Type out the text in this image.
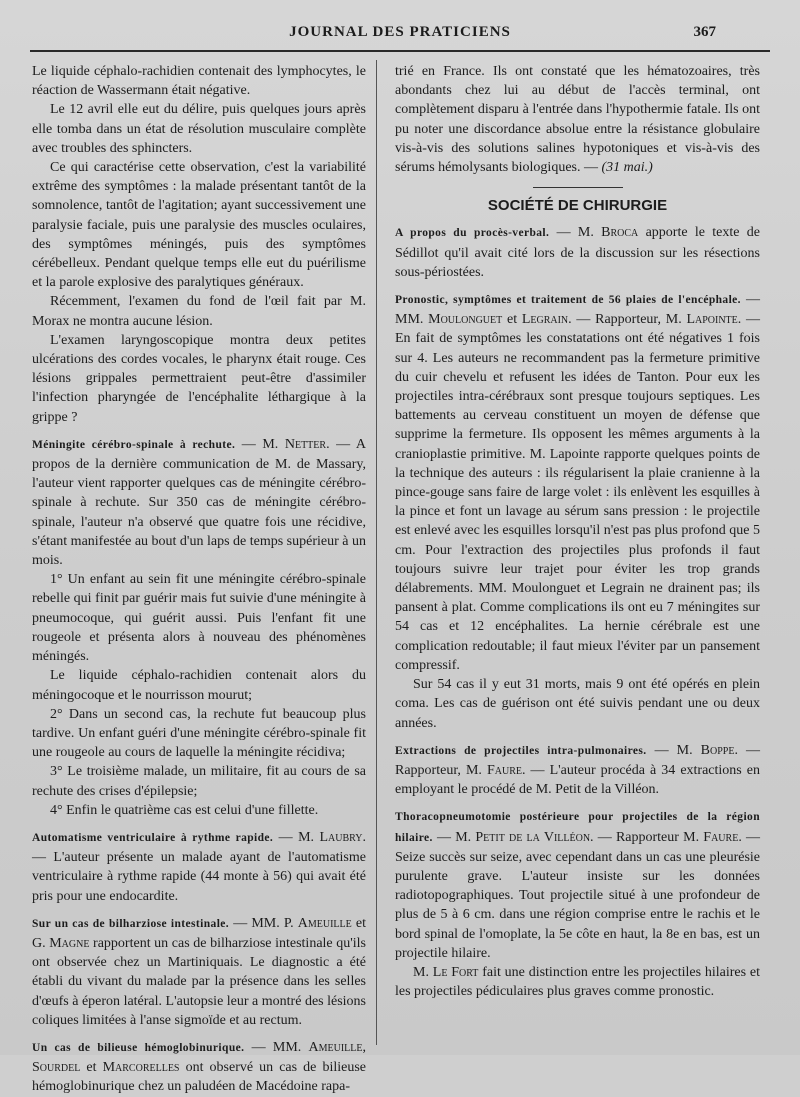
JOURNAL DES PRATICIENS	367

Le liquide céphalo-rachidien contenait des lymphocytes, le réaction de Wassermann était négative.

Le 12 avril elle eut du délire, puis quelques jours après elle tomba dans un état de résolution musculaire complète avec troubles des sphincters.

Ce qui caractérise cette observation, c'est la variabilité extrême des symptômes : la malade présentant tantôt de la somnolence, tantôt de l'agitation; ayant successivement une paralysie faciale, puis une paralysie des muscles oculaires, des symptômes méningés, puis des symptômes cérébelleux. Pendant quelque temps elle eut du puérilisme et la parole explosive des paralytiques généraux.

Récemment, l'examen du fond de l'œil fait par M. Morax ne montra aucune lésion.

L'examen laryngoscopique montra deux petites ulcérations des cordes vocales, le pharynx était rouge. Ces lésions grippales permettraient peut-être d'assimiler l'infection pharyngée de l'encéphalite léthargique à la grippe ?

Méningite cérébro-spinale à rechute. — M. Netter. — A propos de la dernière communication de M. de Massary, l'auteur vient rapporter quelques cas de méningite cérébro-spinale à rechute. Sur 350 cas de méningite cérébro-spinale, l'auteur n'a observé que quatre fois une récidive, s'étant manifestée au bout d'un laps de temps supérieur à un mois.

1° Un enfant au sein fit une méningite cérébro-spinale rebelle qui finit par guérir mais fut suivie d'une méningite à pneumocoque, qui guérit aussi. Puis l'enfant fit une rougeole et présenta alors à nouveau des phénomènes méningés.

Le liquide céphalo-rachidien contenait alors du méningocoque et le nourrisson mourut;

2° Dans un second cas, la rechute fut beaucoup plus tardive. Un enfant guéri d'une méningite cérébro-spinale fit une rougeole au cours de laquelle la méningite récidiva;

3° Le troisième malade, un militaire, fit au cours de sa rechute des crises d'épilepsie;

4° Enfin le quatrième cas est celui d'une fillette.

Automatisme ventriculaire à rythme rapide. — M. Laubry. — L'auteur présente un malade ayant de l'automatisme ventriculaire à rythme rapide (44 monte à 56) qui avait été pris pour une endocardite.

Sur un cas de bilharziose intestinale. — MM. P. Ameuille et G. Magne rapportent un cas de bilharziose intestinale qu'ils ont observée chez un Martiniquais. Le diagnostic a été établi du vivant du malade par la présence dans les selles d'œufs à éperon latéral. L'autopsie leur a montré des lésions coliques limitées à l'anse sigmoïde et au rectum.

Un cas de bilieuse hémoglobinurique. — MM. Ameuille, Sourdel et Marcorelles ont observé un cas de bilieuse hémoglobinurique chez un paludéen de Macédoine rapa-

trié en France. Ils ont constaté que les hématozoaires, très abondants chez lui au début de l'accès terminal, ont complètement disparu à l'entrée dans l'hypothermie fatale. Ils ont pu noter une discordance absolue entre la résistance globulaire vis-à-vis des solutions salines hypotoniques et vis-à-vis des sérums hémolysants biologiques. — (31 mai.)

SOCIÉTÉ DE CHIRURGIE

A propos du procès-verbal. — M. Broca apporte le texte de Sédillot qu'il avait cité lors de la discussion sur les résections sous-périostées.

Pronostic, symptômes et traitement de 56 plaies de l'encéphale. — MM. Moulonguet et Legrain. — Rapporteur, M. Lapointe. — En fait de symptômes les constatations ont été négatives 1 fois sur 4. Les auteurs ne recommandent pas la fermeture primitive du cuir chevelu et refusent les idées de Tanton. Pour eux les projectiles intra-cérébraux sont presque toujours septiques. Les battements au cerveau constituent un moyen de défense que supprime la fermeture. Ils opposent les mêmes arguments à la cranioplastie primitive. M. Lapointe rapporte quelques points de la technique des auteurs : ils régularisent la plaie cranienne à la pince-gouge sans faire de large volet : ils enlèvent les esquilles à la pince et font un lavage au sérum sans pression : le projectile est enlevé avec les esquilles lorsqu'il n'est pas plus profond que 5 cm. Pour l'extraction des projectiles plus profonds il faut toujours suivre leur trajet pour éviter les trop grands délabrements. MM. Moulonguet et Legrain ne drainent pas; ils pansent à plat. Comme complications ils ont eu 7 méningites sur 54 cas et 12 encéphalites. La hernie cérébrale est une complication redoutable; il faut mieux l'éviter par un pansement compressif.

Sur 54 cas il y eut 31 morts, mais 9 ont été opérés en plein coma. Les cas de guérison ont été suivis pendant une ou deux années.

Extractions de projectiles intra-pulmonaires. — M. Boppe. — Rapporteur, M. Faure. — L'auteur procéda à 34 extractions en employant le procédé de M. Petit de la Villéon.

Thoracopneumotomie postérieure pour projectiles de la région hilaire. — M. Petit de la Villéon. — Rapporteur M. Faure. — Seize succès sur seize, avec cependant dans un cas une pleurésie purulente grave. L'auteur insiste sur les données radiotopographiques. Tout projectile situé à une profondeur de plus de 5 à 6 cm. dans une région comprise entre le rachis et le bord spinal de l'omoplate, la 5e côte en haut, la 8e en bas, est un projectile hilaire.

M. Le Fort fait une distinction entre les projectiles hilaires et les projectiles pédiculaires plus graves comme pronostic.
